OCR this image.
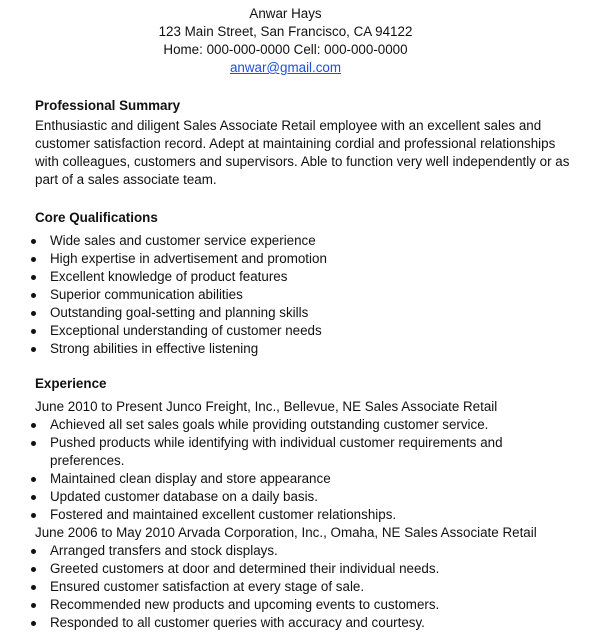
Anwar Hays
123 Main Street, San Francisco, CA 94122
Home: 000-000-0000 Cell: 000-000-0000
anwar@gmail.com

Professional Summary

Enthusiastic and diligent Sales Associate Retail employee with an excellent sales and customer satisfaction record. Adept at maintaining cordial and professional relationships with colleagues, customers and supervisors. Able to function very well independently or as part of a sales associate team.

Core Qualifications

Wide sales and customer service experience
High expertise in advertisement and promotion
Excellent knowledge of product features
Superior communication abilities
Outstanding goal-setting and planning skills
Exceptional understanding of customer needs
Strong abilities in effective listening

Experience

June 2010 to Present Junco Freight, Inc., Bellevue, NE Sales Associate Retail
Achieved all set sales goals while providing outstanding customer service.
Pushed products while identifying with individual customer requirements and preferences.
Maintained clean display and store appearance
Updated customer database on a daily basis.
Fostered and maintained excellent customer relationships.
June 2006 to May 2010 Arvada Corporation, Inc., Omaha, NE Sales Associate Retail
Arranged transfers and stock displays.
Greeted customers at door and determined their individual needs.
Ensured customer satisfaction at every stage of sale.
Recommended new products and upcoming events to customers.
Responded to all customer queries with accuracy and courtesy.
